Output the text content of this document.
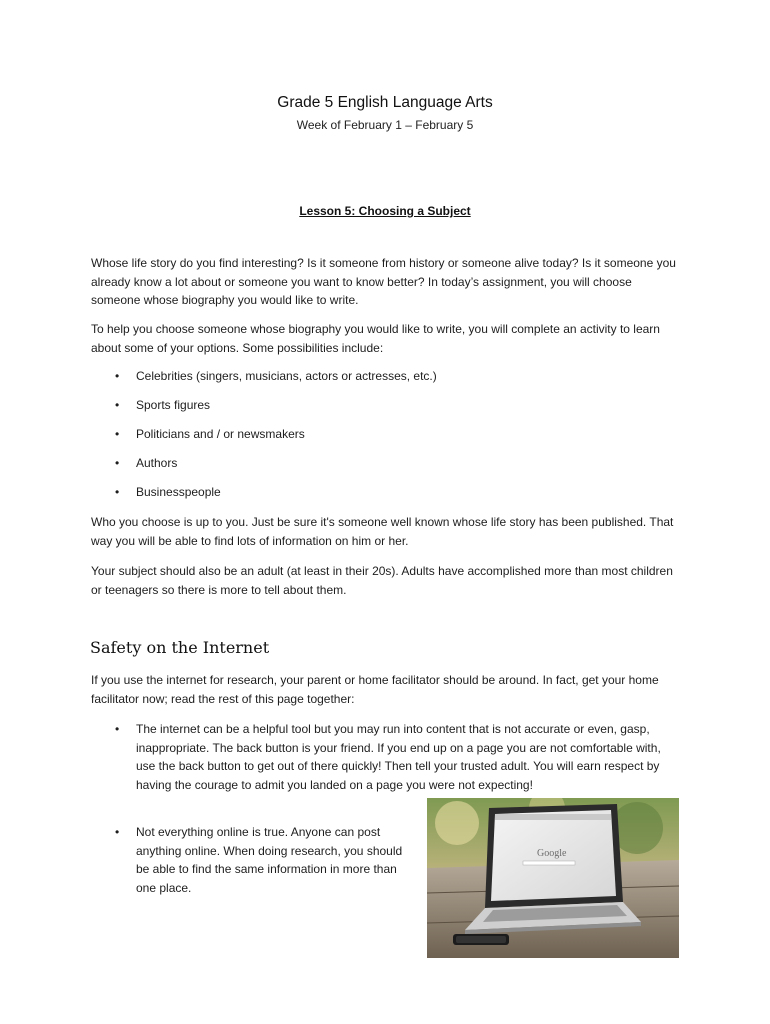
Grade 5 English Language Arts
Week of February 1 – February 5
Lesson 5: Choosing a Subject

Whose life story do you find interesting? Is it someone from history or someone alive today? Is it someone you already know a lot about or someone you want to know better? In today’s assignment, you will choose someone whose biography you would like to write.

To help you choose someone whose biography you would like to write, you will complete an activity to learn about some of your options. Some possibilities include:

• Celebrities (singers, musicians, actors or actresses, etc.)
• Sports figures
• Politicians and / or newsmakers
• Authors
• Businesspeople

Who you choose is up to you. Just be sure it's someone well known whose life story has been published. That way you will be able to find lots of information on him or her.

Your subject should also be an adult (at least in their 20s). Adults have accomplished more than most children or teenagers so there is more to tell about them.

Safety on the Internet

If you use the internet for research, your parent or home facilitator should be around. In fact, get your home facilitator now; read the rest of this page together:

• The internet can be a helpful tool but you may run into content that is not accurate or even, gasp, inappropriate. The back button is your friend. If you end up on a page you are not comfortable with, use the back button to get out of there quickly! Then tell your trusted adult. You will earn respect by having the courage to admit you landed on a page you were not expecting!
• Not everything online is true. Anyone can post anything online. When doing research, you should be able to find the same information in more than one place.
Google
